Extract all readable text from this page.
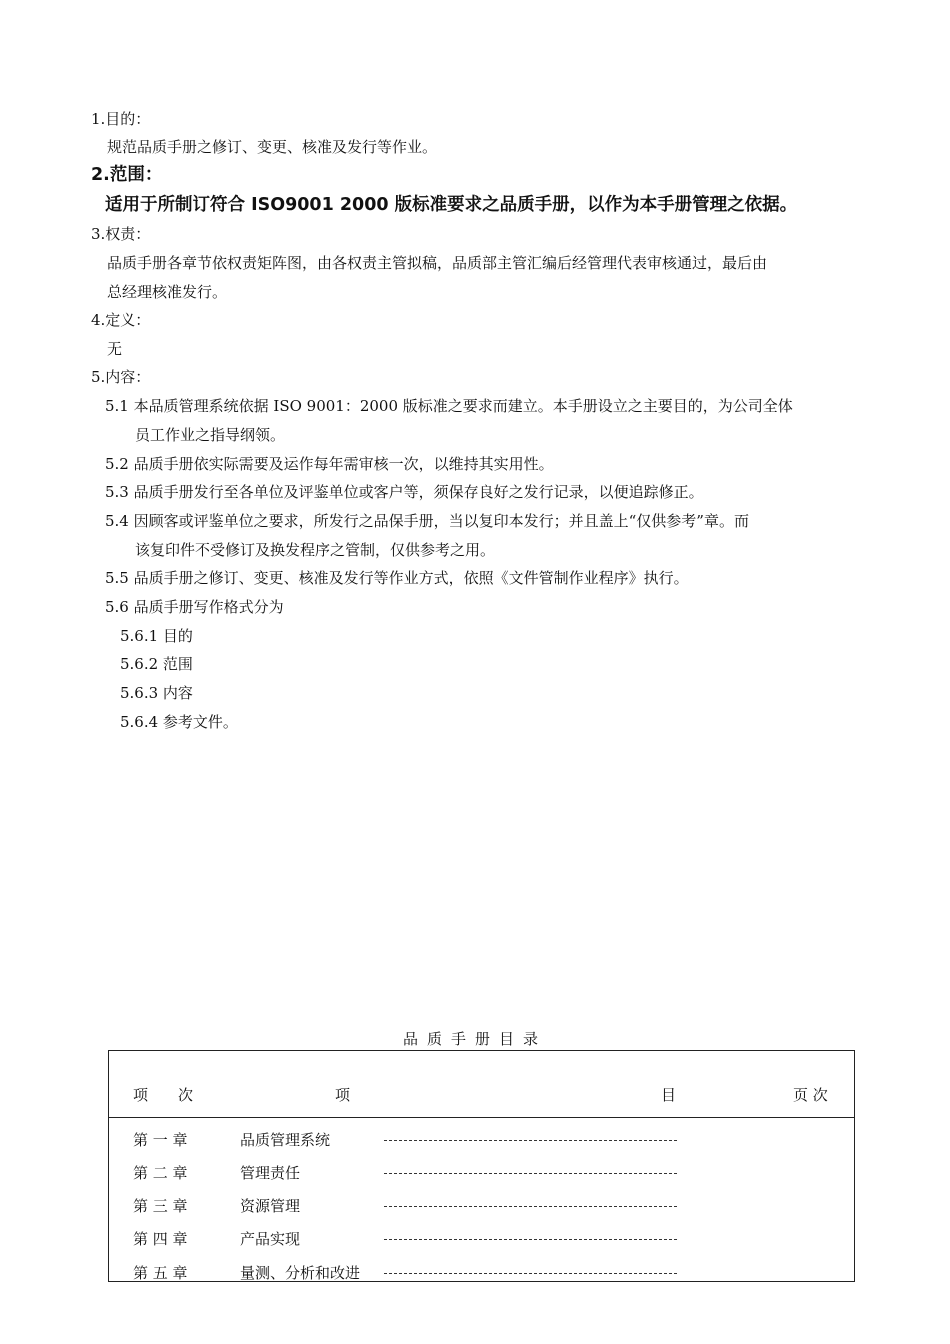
1.目的：
规范品质手册之修订、变更、核准及发行等作业。
2.范围：
适用于所制订符合 ISO9001 2000 版标准要求之品质手册，以作为本手册管理之依据。
3.权责：
品质手册各章节依权责矩阵图，由各权责主管拟稿，品质部主管汇编后经管理代表审核通过，最后由
总经理核准发行。
4.定义：
无
5.内容：
5.1 本品质管理系统依据 ISO 9001：2000 版标准之要求而建立。本手册设立之主要目的，为公司全体
员工作业之指导纲领。
5.2 品质手册依实际需要及运作每年需审核一次，以维持其实用性。
5.3 品质手册发行至各单位及评鉴单位或客户等，须保存良好之发行记录，以便追踪修正。
5.4 因顾客或评鉴单位之要求，所发行之品保手册，当以复印本发行；并且盖上“仅供参考”章。而
该复印件不受修订及换发程序之管制，仅供参考之用。
5.5 品质手册之修订、变更、核准及发行等作业方式，依照《文件管制作业程序》执行。
5.6 品质手册写作格式分为
5.6.1 目的
5.6.2 范围
5.6.3 内容
5.6.4 参考文件。
品质手册目录
项　　次	项	目	页 次
第 一 章	品质管理系统
第 二 章	管理责任
第 三 章	资源管理
第 四 章	产品实现
第 五 章	量测、分析和改进
